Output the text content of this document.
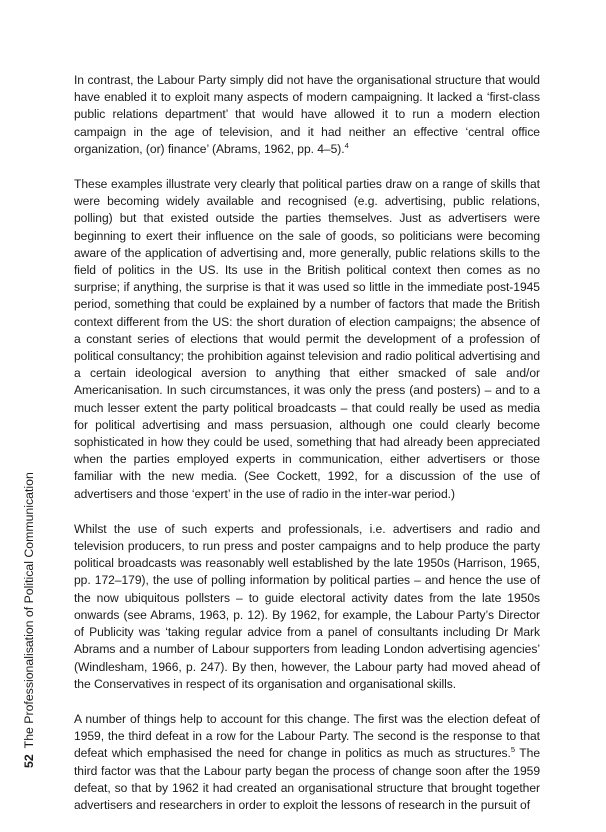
In contrast, the Labour Party simply did not have the organisational structure that would have enabled it to exploit many aspects of modern campaigning. It lacked a ‘first-class public relations department’ that would have allowed it to run a modern election campaign in the age of television, and it had neither an effective ‘central office organization, (or) finance’ (Abrams, 1962, pp. 4–5).$^4$

These examples illustrate very clearly that political parties draw on a range of skills that were becoming widely available and recognised (e.g. advertising, public relations, polling) but that existed outside the parties themselves. Just as advertisers were beginning to exert their influence on the sale of goods, so politicians were becoming aware of the application of advertising and, more generally, public relations skills to the field of politics in the US. Its use in the British political context then comes as no surprise; if anything, the surprise is that it was used so little in the immediate post-1945 period, something that could be explained by a number of factors that made the British context different from the US: the short duration of election campaigns; the absence of a constant series of elections that would permit the development of a profession of political consultancy; the prohibition against television and radio political advertising and a certain ideological aversion to anything that either smacked of sale and/or Americanisation. In such circumstances, it was only the press (and posters) – and to a much lesser extent the party political broadcasts – that could really be used as media for political advertising and mass persuasion, although one could clearly become sophisticated in how they could be used, something that had already been appreciated when the parties employed experts in communication, either advertisers or those familiar with the new media. (See Cockett, 1992, for a discussion of the use of advertisers and those ‘expert’ in the use of radio in the inter-war period.)

Whilst the use of such experts and professionals, i.e. advertisers and radio and television producers, to run press and poster campaigns and to help produce the party political broadcasts was reasonably well established by the late 1950s (Harrison, 1965, pp. 172–179), the use of polling information by political parties – and hence the use of the now ubiquitous pollsters – to guide electoral activity dates from the late 1950s onwards (see Abrams, 1963, p. 12). By 1962, for example, the Labour Party’s Director of Publicity was ‘taking regular advice from a panel of consultants including Dr Mark Abrams and a number of Labour supporters from leading London advertising agencies’ (Windlesham, 1966, p. 247). By then, however, the Labour party had moved ahead of the Conservatives in respect of its organisation and organisational skills.

A number of things help to account for this change. The first was the election defeat of 1959, the third defeat in a row for the Labour Party. The second is the response to that defeat which emphasised the need for change in politics as much as structures.$^5$ The third factor was that the Labour party began the process of change soon after the 1959 defeat, so that by 1962 it had created an organisational structure that brought together advertisers and researchers in order to exploit the lessons of research in the pursuit of

52The Professionalisation of Political Communication
